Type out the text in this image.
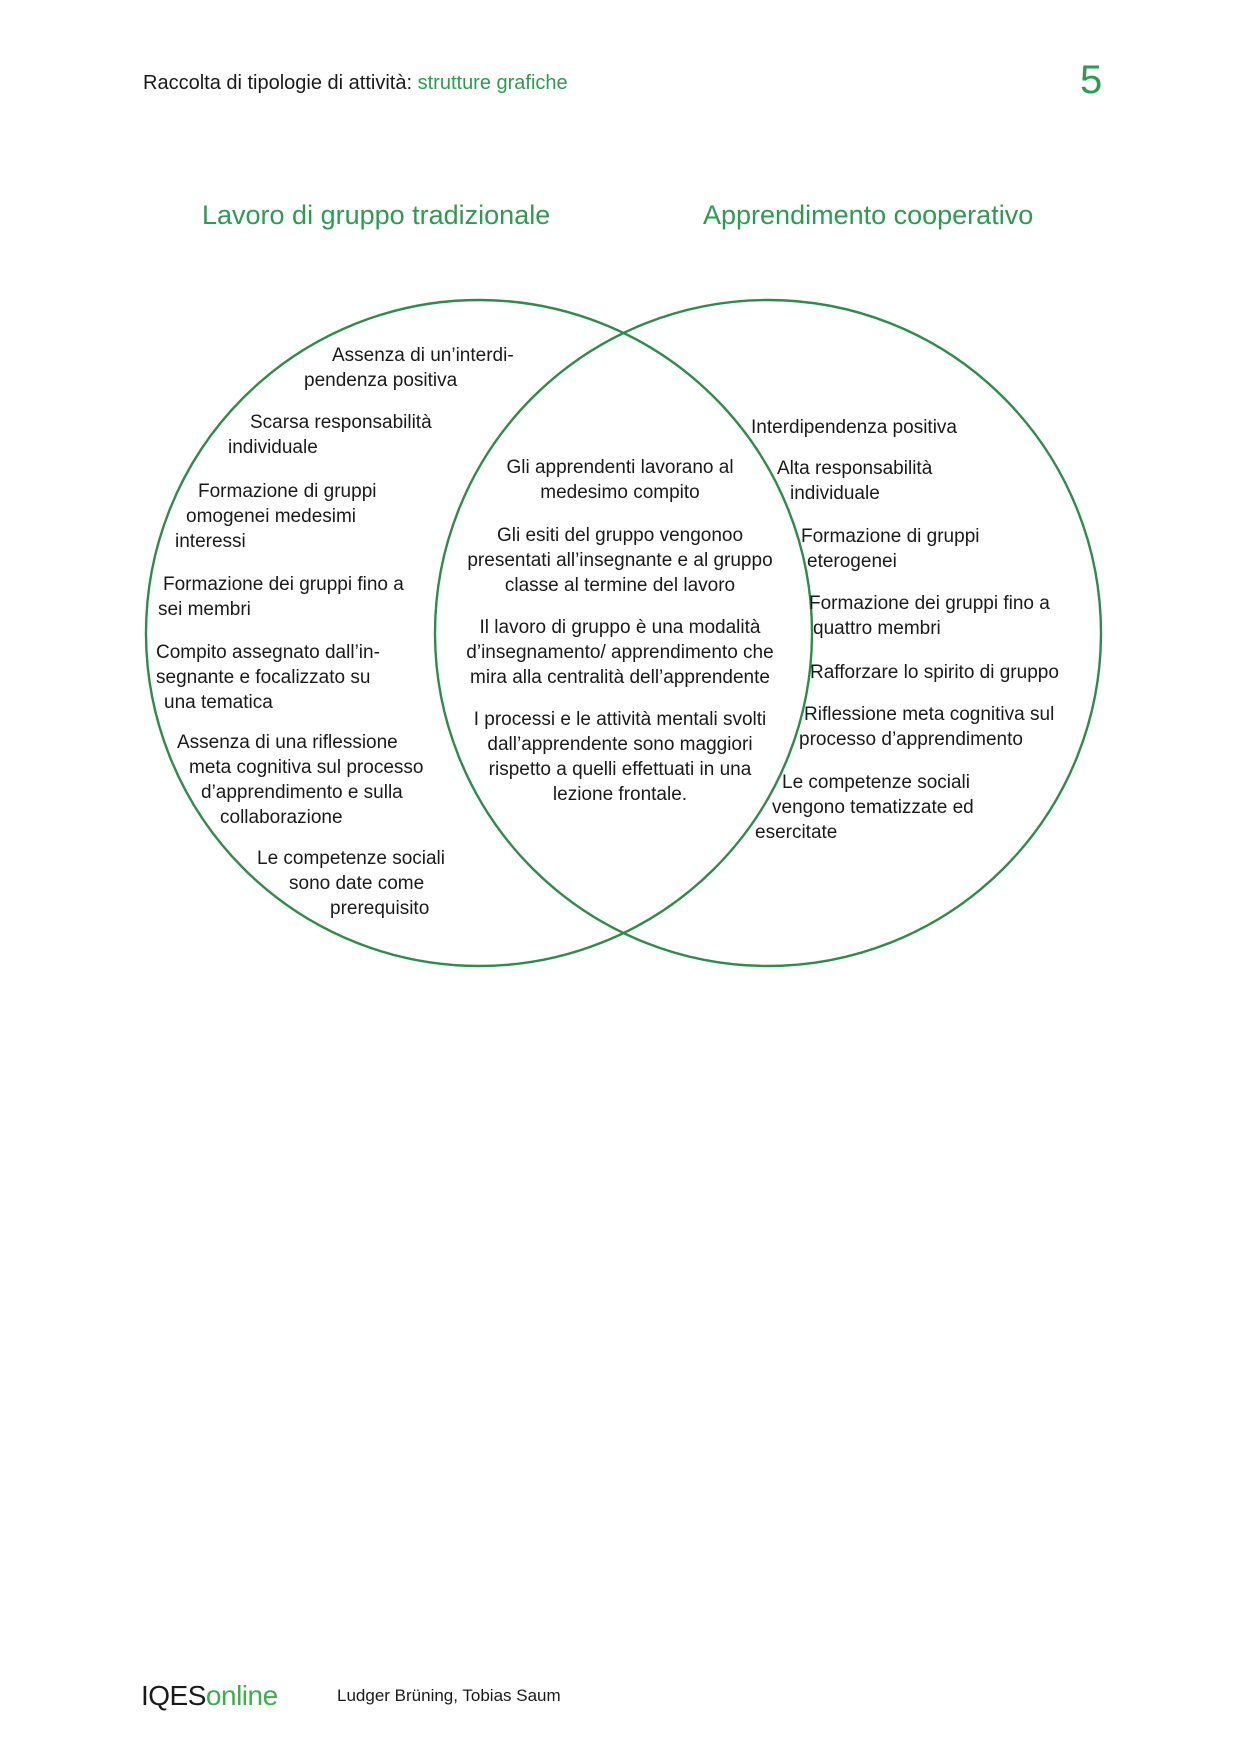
Raccolta di tipologie di attività: strutture grafiche	5
Lavoro di gruppo tradizionale	Apprendimento cooperativo
Assenza di un’interdi-
pendenza positiva
Scarsa responsabilità
individuale
Formazione di gruppi
omogenei medesimi
interessi
Formazione dei gruppi fino a
sei membri
Compito assegnato dall’in-
segnante e focalizzato su
una tematica
Assenza di una riflessione
meta cognitiva sul processo
d’apprendimento e sulla
collaborazione
Le competenze sociali
sono date come
prerequisito
Gli apprendenti lavorano al
medesimo compito
Gli esiti del gruppo vengonoo
presentati all’insegnante e al gruppo
classe al termine del lavoro
Il lavoro di gruppo è una modalità
d’insegnamento/ apprendimento che
mira alla centralità dell’apprendente
I processi e le attività mentali svolti
dall’apprendente sono maggiori
rispetto a quelli effettuati in una
lezione frontale.
Interdipendenza positiva
Alta responsabilità
individuale
Formazione di gruppi
eterogenei
Formazione dei gruppi fino a
quattro membri
Rafforzare lo spirito di gruppo
Riflessione meta cognitiva sul
processo d’apprendimento
Le competenze sociali
vengono tematizzate ed
esercitate
IQESonline	Ludger Brüning, Tobias Saum
